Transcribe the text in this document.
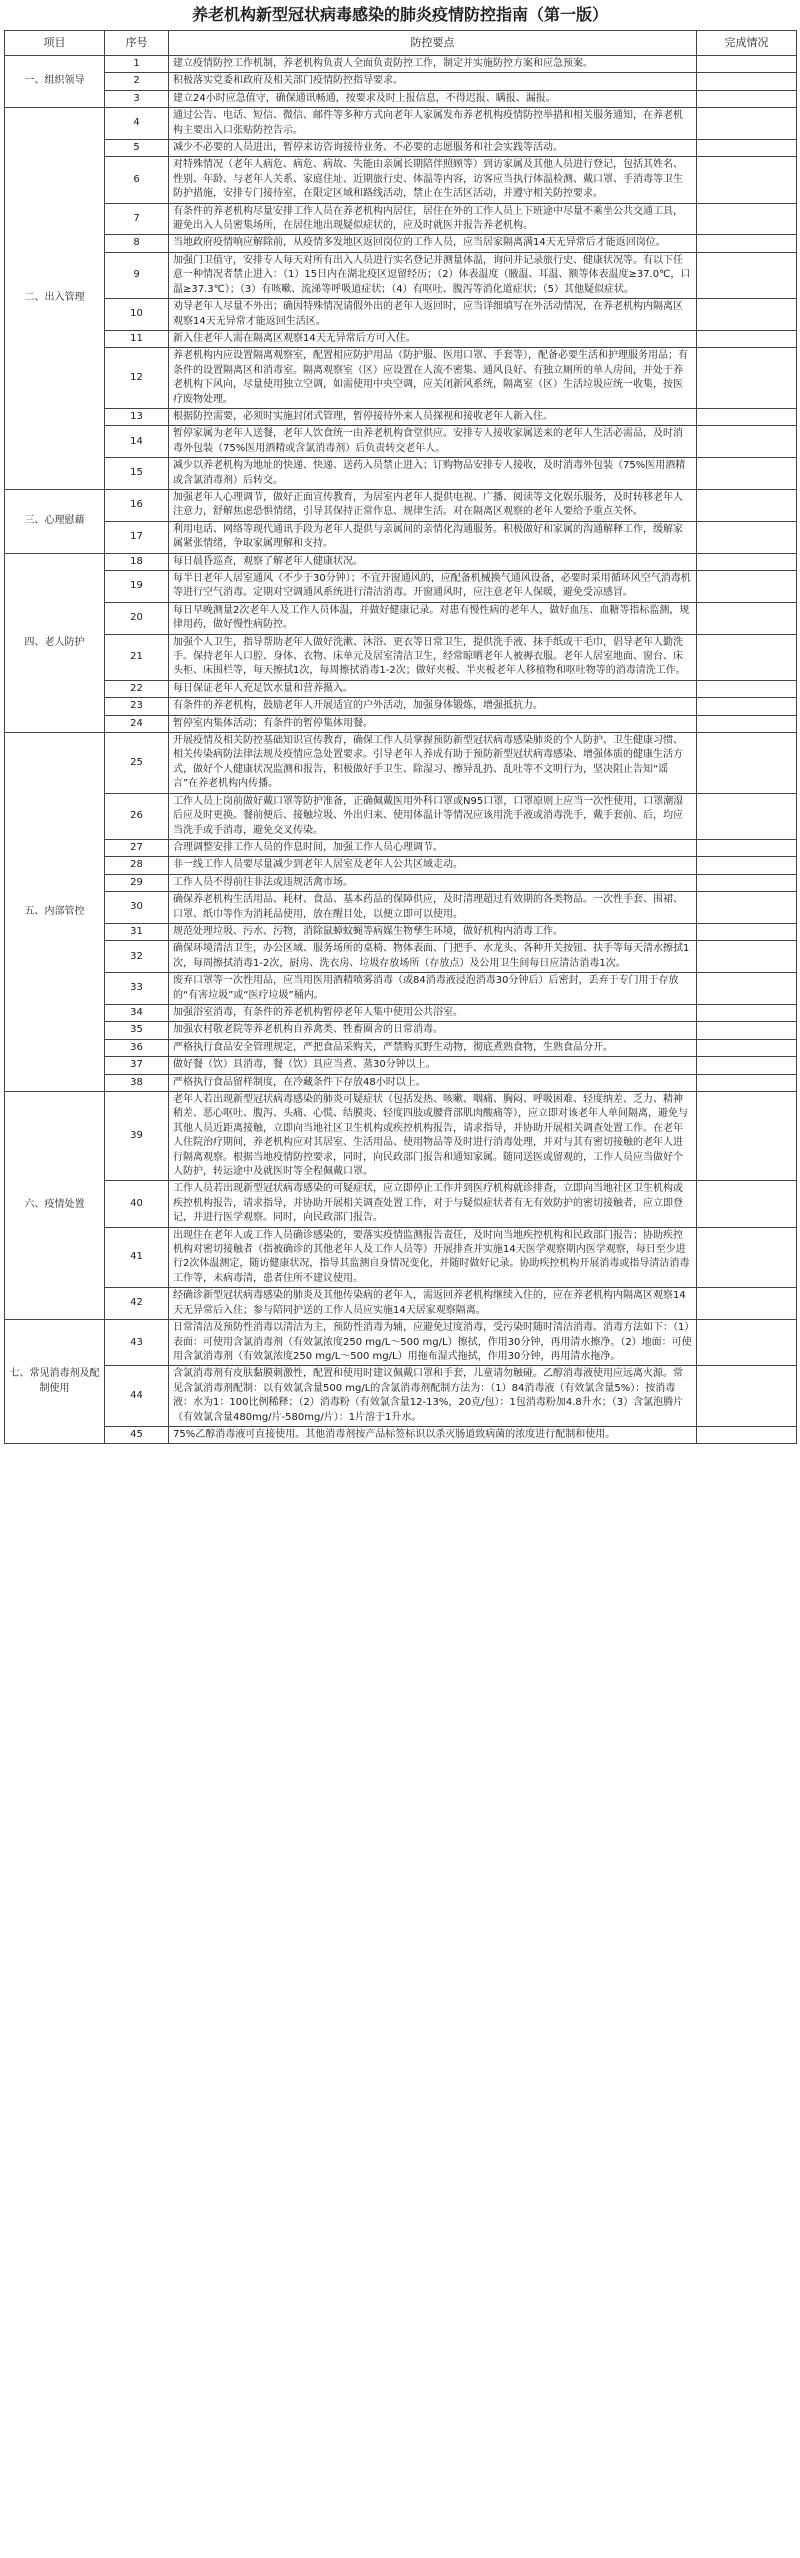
养老机构新型冠状病毒感染的肺炎疫情防控指南（第一版）
项目	序号	防控要点	完成情况
一、组织领导	1	建立疫情防控工作机制，养老机构负责人全面负责防控工作，制定并实施防控方案和应急预案。	
	2	积极落实党委和政府及相关部门疫情防控指导要求。	
	3	建立24小时应急值守，确保通讯畅通，按要求及时上报信息，不得迟报、瞒报、漏报。	
二、出入管理	4	通过公告、电话、短信、微信、邮件等多种方式向老年人家属发布养老机构疫情防控举措和相关服务通知，在养老机构主要出入口张贴防控告示。	
	5	减少不必要的人员进出，暂停来访咨询接待业务、不必要的志愿服务和社会实践等活动。	
	6	对特殊情况（老年人病危、病危、病故、失能由亲属长期陪伴照顾等）到访家属及其他人员进行登记，包括其姓名、性别、年龄、与老年人关系、家庭住址、近期旅行史、体温等内容，访客应当执行体温检测、戴口罩、手消毒等卫生防护措施，安排专门接待室，在限定区域和路线活动，禁止在生活区活动，并遵守相关防控要求。	
	7	有条件的养老机构尽量安排工作人员在养老机构内居住，居住在外的工作人员上下班途中尽量不乘坐公共交通工具，避免出入人员密集场所，在居住地出现疑似症状的，应及时就医并报告养老机构。	
	8	当地政府疫情响应解除前，从疫情多发地区返回岗位的工作人员，应当居家隔离满14天无异常后才能返回岗位。	
	9	加强门卫值守，安排专人每天对所有出入人员进行实名登记并测量体温，询问并记录旅行史、健康状况等。有以下任意一种情况者禁止进入：（1）15日内在湖北疫区逗留经历；（2）体表温度（腋温、耳温、额等体表温度≥37.0℃，口温≥37.3℃）；（3）有咳嗽、流涕等呼吸道症状；（4）有呕吐、腹泻等消化道症状；（5）其他疑似症状。	
	10	劝导老年人尽量不外出；确因特殊情况请假外出的老年人返回时，应当详细填写在外活动情况，在养老机构内隔离区观察14天无异常才能返回生活区。	
	11	新入住老年人需在隔离区观察14天无异常后方可入住。	
	12	养老机构内应设置隔离观察室，配置相应防护用品（防护服、医用口罩、手套等），配备必要生活和护理服务用品；有条件的设置隔离区和消毒室。隔离观察室（区）应设置在人流不密集、通风良好、有独立厕所的单人房间，并处于养老机构下风向，尽量使用独立空调，如需使用中央空调，应关闭新风系统，隔离室（区）生活垃圾应统一收集，按医疗废物处理。	
	13	根据防控需要，必须时实施封闭式管理，暂停接待外来人员探视和接收老年人新入住。	
	14	暂停家属为老年人送餐，老年人饮食统一由养老机构食堂供应。安排专人接收家属送来的老年人生活必需品，及时消毒外包装（75%医用酒精或含氯消毒剂）后负责转交老年人。	
	15	减少以养老机构为地址的快递、快递、送药入员禁止进入；订购物品安排专人接收，及时消毒外包装（75%医用酒精或含氯消毒剂）后转交。	
三、心理慰藉	16	加强老年人心理调节，做好正面宣传教育，为居室内老年人提供电视、广播、阅读等文化娱乐服务，及时转移老年人注意力，舒解焦虑恐惧情绪，引导其保持正常作息、规律生活。对在隔离区观察的老年人要给予重点关怀。	
	17	利用电话、网络等现代通讯手段为老年人提供与亲属间的亲情化沟通服务。积极做好和家属的沟通解释工作，缓解家属紧张情绪，争取家属理解和支持。	
四、老人防护	18	每日晨昏巡查，观察了解老年人健康状况。	
	19	每半日老年人居室通风（不少于30分钟）；不宜开窗通风的，应配备机械换气通风设备，必要时采用循环风空气消毒机等进行空气消毒。定期对空调通风系统进行清洁消毒。开窗通风时，应注意老年人保暖，避免受凉感冒。	
	20	每日早晚测量2次老年人及工作人员体温，并做好健康记录。对患有慢性病的老年人，做好血压、血糖等指标监测，规律用药，做好慢性病防控。	
	21	加强个人卫生，指导帮助老年人做好洗漱、沐浴、更衣等日常卫生，提供洗手液、抹手纸或干毛巾，倡导老年人勤洗手。保持老年人口腔、身体、衣物、床单元及居室清洁卫生，经常晾晒老年人被褥衣服。老年人居室地面、窗台、床头柜、床围栏等，每天擦拭1次，每周擦拭消毒1-2次；做好夹板、半夹板老年人移植物和呕吐物等的消毒清洗工作。	
	22	每日保证老年人充足饮水量和营养摄入。	
	23	有条件的养老机构，鼓励老年人开展适宜的户外活动，加强身体锻炼，增强抵抗力。	
	24	暂停室内集体活动；有条件的暂停集体用餐。	
五、内部管控	25	开展疫情及相关防控基础知识宣传教育，确保工作人员掌握预防新型冠状病毒感染肺炎的个人防护、卫生健康习惯、相关传染病防法律法规及疫情应急处置要求。引导老年人养成有助于预防新型冠状病毒感染、增强体质的健康生活方式，做好个人健康状况监测和报告，积极做好手卫生、除湿习、擦异乱扔、乱吐等不文明行为，坚决阻止告知“谣言”在养老机构内传播。	
	26	工作人员上岗前做好戴口罩等防护准备，正确佩戴医用外科口罩或N95口罩，口罩原则上应当一次性使用，口罩潮湿后应及时更换。餐前便后、接触垃圾、外出归来、使用体温计等情况应该用洗手液或消毒洗手，戴手套前、后，均应当洗手或手消毒，避免交叉传染。	
	27	合理调整安排工作人员的作息时间，加强工作人员心理调节。	
	28	非一线工作人员要尽量减少到老年人居室及老年人公共区域走动。	
	29	工作人员不得前往非法或违规活禽市场。	
	30	确保养老机构生活用品、耗材、食品、基本药品的保障供应，及时清理超过有效期的各类物品。一次性手套、围裙、口罩、纸巾等作为消耗品使用，放在醒目处，以便立即可以使用。	
	31	规范处理垃圾、污水、污物，消除鼠蟑蚊蝇等病媒生物孳生环境，做好机构内消毒工作。	
	32	确保环境清洁卫生，办公区域、服务场所的桌椅、物体表面、门把手、水龙头、各种开关按钮、扶手等每天清水擦拭1次，每周擦拭消毒1-2次，厨房、洗衣房、垃圾存放场所（存放点）及公用卫生间每日应清洁消毒1次。	
	33	废弃口罩等一次性用品，应当用医用酒精喷雾消毒（或84消毒液浸泡消毒30分钟后）后密封，丢弃于专门用于存放的“有害垃圾”或“医疗垃圾”桶内。	
	34	加强浴室消毒，有条件的养老机构暂停老年人集中使用公共浴室。	
	35	加强农村敬老院等养老机构自养禽类、牲畜圈舍的日常消毒。	
	36	严格执行食品安全管理规定，严把食品采购关，严禁购买野生动物，彻底煮熟食物，生熟食品分开。	
	37	做好餐（饮）具消毒，餐（饮）具应当煮、蒸30分钟以上。	
	38	严格执行食品留样制度，在冷藏条件下存放48小时以上。	
六、疫情处置	39	老年人若出现新型冠状病毒感染的肺炎可疑症状（包括发热、咳嗽、咽痛、胸闷、呼吸困难、轻度纳差、乏力、精神稍差、恶心呕吐、腹泻、头痛、心慌、结膜炎、轻度四肢或腰背部肌肉酸痛等），应立即对该老年人单间隔离，避免与其他人员近距离接触，立即向当地社区卫生机构或疾控机构报告，请求指导，并协助开展相关调查处置工作。在老年人住院治疗期间，养老机构应对其居室、生活用品、使用物品等及时进行消毒处理，并对与其有密切接触的老年人进行隔离观察。根据当地疫情防控要求，同时，向民政部门报告和通知家属。随同送医或留观的，工作人员应当做好个人防护，转运途中及就医时等全程佩戴口罩。	
	40	工作人员若出现新型冠状病毒感染的可疑症状，应立即停止工作并到医疗机构就诊排查，立即向当地社区卫生机构或疾控机构报告，请求指导，并协助开展相关调查处置工作，对于与疑似症状者有无有效防护的密切接触者，应立即登记，并进行医学观察。同时，向民政部门报告。	
	41	出现住在老年人或工作人员确诊感染的，要落实疫情监测报告责任，及时向当地疾控机构和民政部门报告；协助疾控机构对密切接触者（指被确诊的其他老年人及工作人员等）开展排查并实施14天医学观察期内医学观察，每日至少进行2次体温测定，随访健康状况，指导其监测自身情况变化，并随时做好记录。协助疾控机构开展消毒或指导清洁消毒工作等，未病毒清，患者住所不建议使用。	
	42	经确诊新型冠状病毒感染的肺炎及其他传染病的老年人，需返回养老机构继续入住的，应在养老机构内隔离区观察14天无异常后入住；参与陪同护送的工作人员应实施14天居家观察隔离。	
七、常见消毒剂及配制使用	43	日常清洁及预防性消毒以清洁为主，预防性消毒为辅，应避免过度消毒，受污染时随时清洁消毒。消毒方法如下：（1）表面：可使用含氯消毒剂（有效氯浓度250 mg/L～500 mg/L）擦拭，作用30分钟，再用清水擦净。（2）地面：可使用含氯消毒剂（有效氯浓度250 mg/L～500 mg/L）用拖布湿式拖拭，作用30分钟，再用清水拖净。	
	44	含氯消毒剂有皮肤黏膜刺激性，配置和使用时建议佩戴口罩和手套，儿童请勿触碰。乙醇消毒液使用应远离火源。常见含氯消毒剂配制：以有效氯含量500 mg/L的含氯消毒剂配制方法为：（1）84消毒液（有效氯含量5%）：按消毒液：水为1：100比例稀释；（2）消毒粉（有效氯含量12-13%，20克/包）：1包消毒粉加4.8升水；（3）含氯泡腾片（有效氯含量480mg/片-580mg/片）：1片溶于1升水。	
	45	75%乙醇消毒液可直接使用。其他消毒剂按产品标签标识以杀灭肠道致病菌的浓度进行配制和使用。	
